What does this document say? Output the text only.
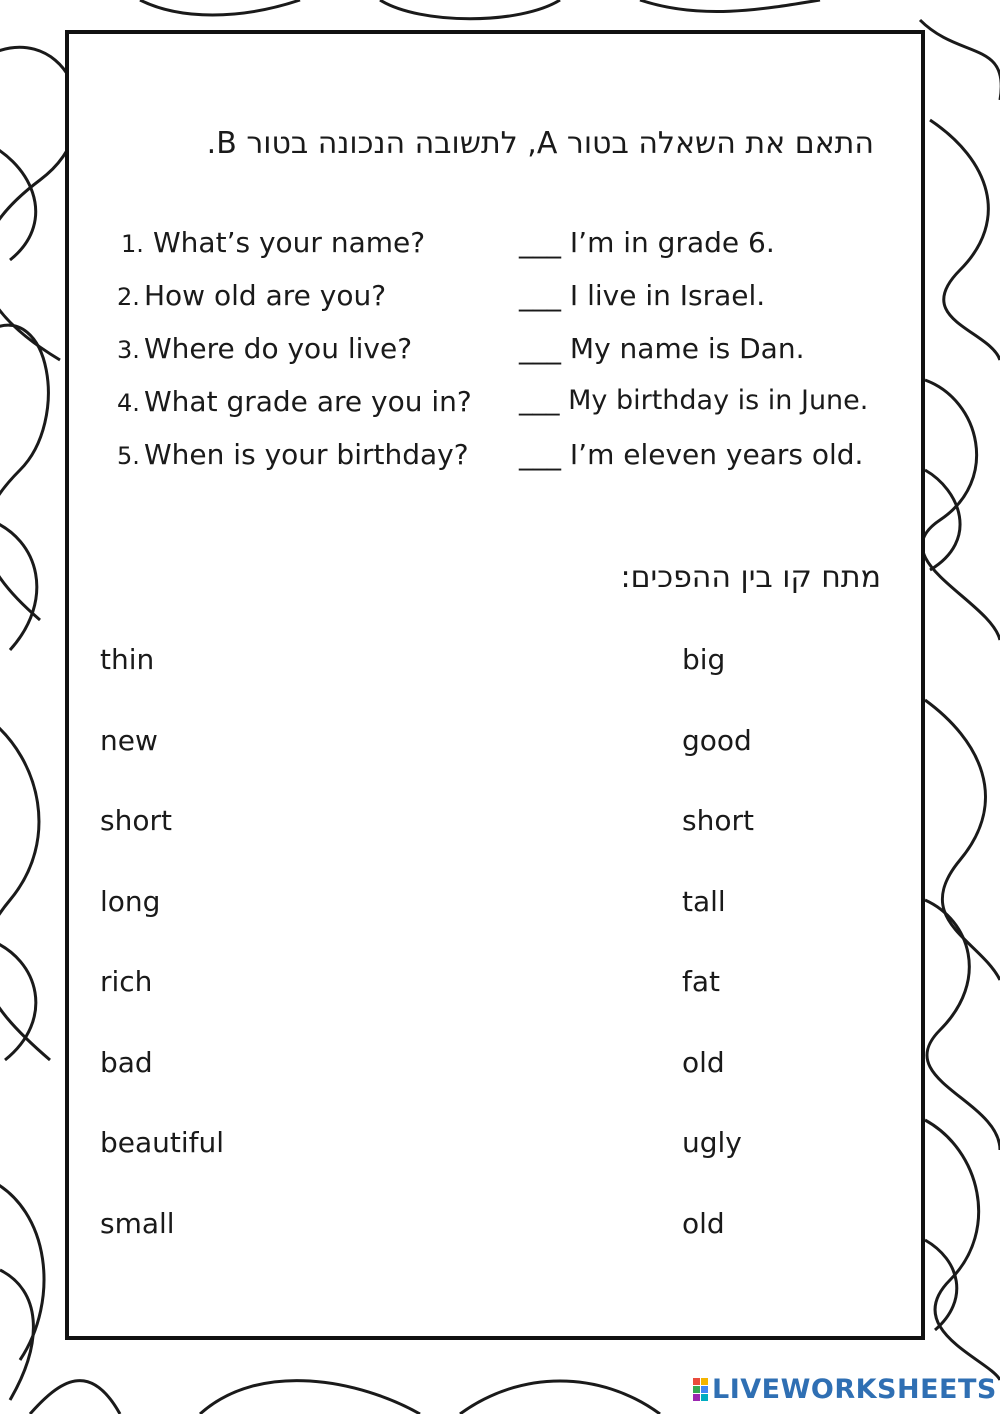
התאם את השאלה בטור A, לתשובה הנכונה בטור B.
1. What’s your name?
2. How old are you?
3. Where do you live?
4. What grade are you in?
5. When is your birthday?
___ I’m in grade 6.
___ I live in Israel.
___ My name is Dan.
___ My birthday is in June.
___ I’m eleven years old.
מתח קו בין ההפכים:
thin
new
short
long
rich
bad
beautiful
small
big
good
short
tall
fat
old
ugly
old
LIVEWORKSHEETS
